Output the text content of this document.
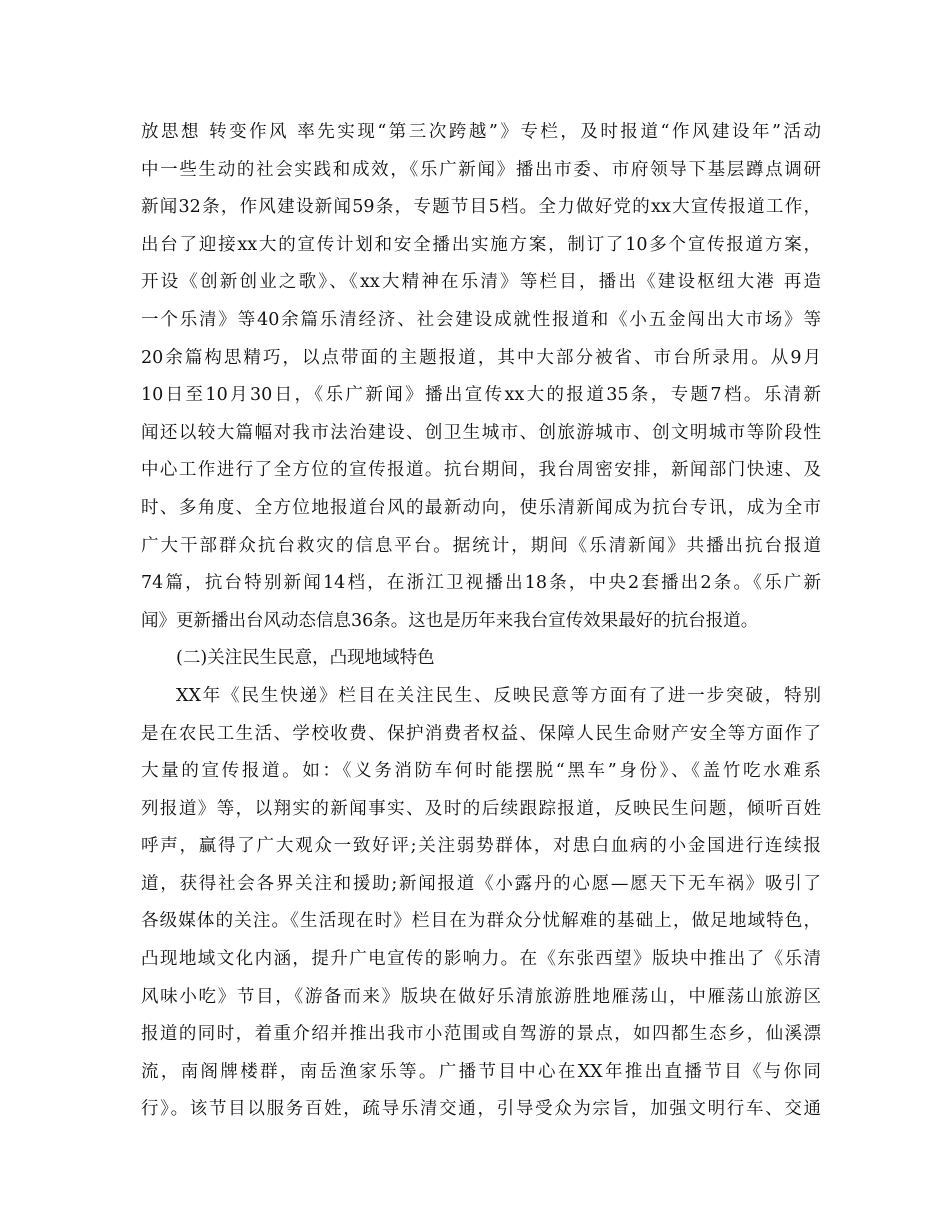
放思想 转变作风 率先实现“第三次跨越”》专栏，及时报道“作风建设年”活动
中一些生动的社会实践和成效，《乐广新闻》播出市委、市府领导下基层蹲点调研
新闻32条，作风建设新闻59条，专题节目5档。全力做好党的xx大宣传报道工作，
出台了迎接xx大的宣传计划和安全播出实施方案，制订了10多个宣传报道方案，
开设《创新创业之歌》、《xx大精神在乐清》等栏目，播出《建设枢纽大港 再造
一个乐清》等40余篇乐清经济、社会建设成就性报道和《小五金闯出大市场》等
20余篇构思精巧，以点带面的主题报道，其中大部分被省、市台所录用。从9月
10日至10月30日，《乐广新闻》播出宣传xx大的报道35条，专题7档。乐清新
闻还以较大篇幅对我市法治建设、创卫生城市、创旅游城市、创文明城市等阶段性
中心工作进行了全方位的宣传报道。抗台期间，我台周密安排，新闻部门快速、及
时、多角度、全方位地报道台风的最新动向，使乐清新闻成为抗台专讯，成为全市
广大干部群众抗台救灾的信息平台。据统计，期间《乐清新闻》共播出抗台报道
74篇，抗台特别新闻14档，在浙江卫视播出18条，中央2套播出2条。《乐广新
闻》更新播出台风动态信息36条。这也是历年来我台宣传效果最好的抗台报道。
(二)关注民生民意，凸现地域特色
XX年《民生快递》栏目在关注民生、反映民意等方面有了进一步突破，特别
是在农民工生活、学校收费、保护消费者权益、保障人民生命财产安全等方面作了
大量的宣传报道。如：《义务消防车何时能摆脱“黑车”身份》、《盖竹吃水难系
列报道》等，以翔实的新闻事实、及时的后续跟踪报道，反映民生问题，倾听百姓
呼声，赢得了广大观众一致好评;关注弱势群体，对患白血病的小金国进行连续报
道，获得社会各界关注和援助;新闻报道《小露丹的心愿—愿天下无车祸》吸引了
各级媒体的关注。《生活现在时》栏目在为群众分忧解难的基础上，做足地域特色，
凸现地域文化内涵，提升广电宣传的影响力。在《东张西望》版块中推出了《乐清
风味小吃》节目，《游备而来》版块在做好乐清旅游胜地雁荡山，中雁荡山旅游区
报道的同时，着重介绍并推出我市小范围或自驾游的景点，如四都生态乡，仙溪漂
流，南阁牌楼群，南岳渔家乐等。广播节目中心在XX年推出直播节目《与你同
行》。该节目以服务百姓，疏导乐清交通，引导受众为宗旨，加强文明行车、交通
